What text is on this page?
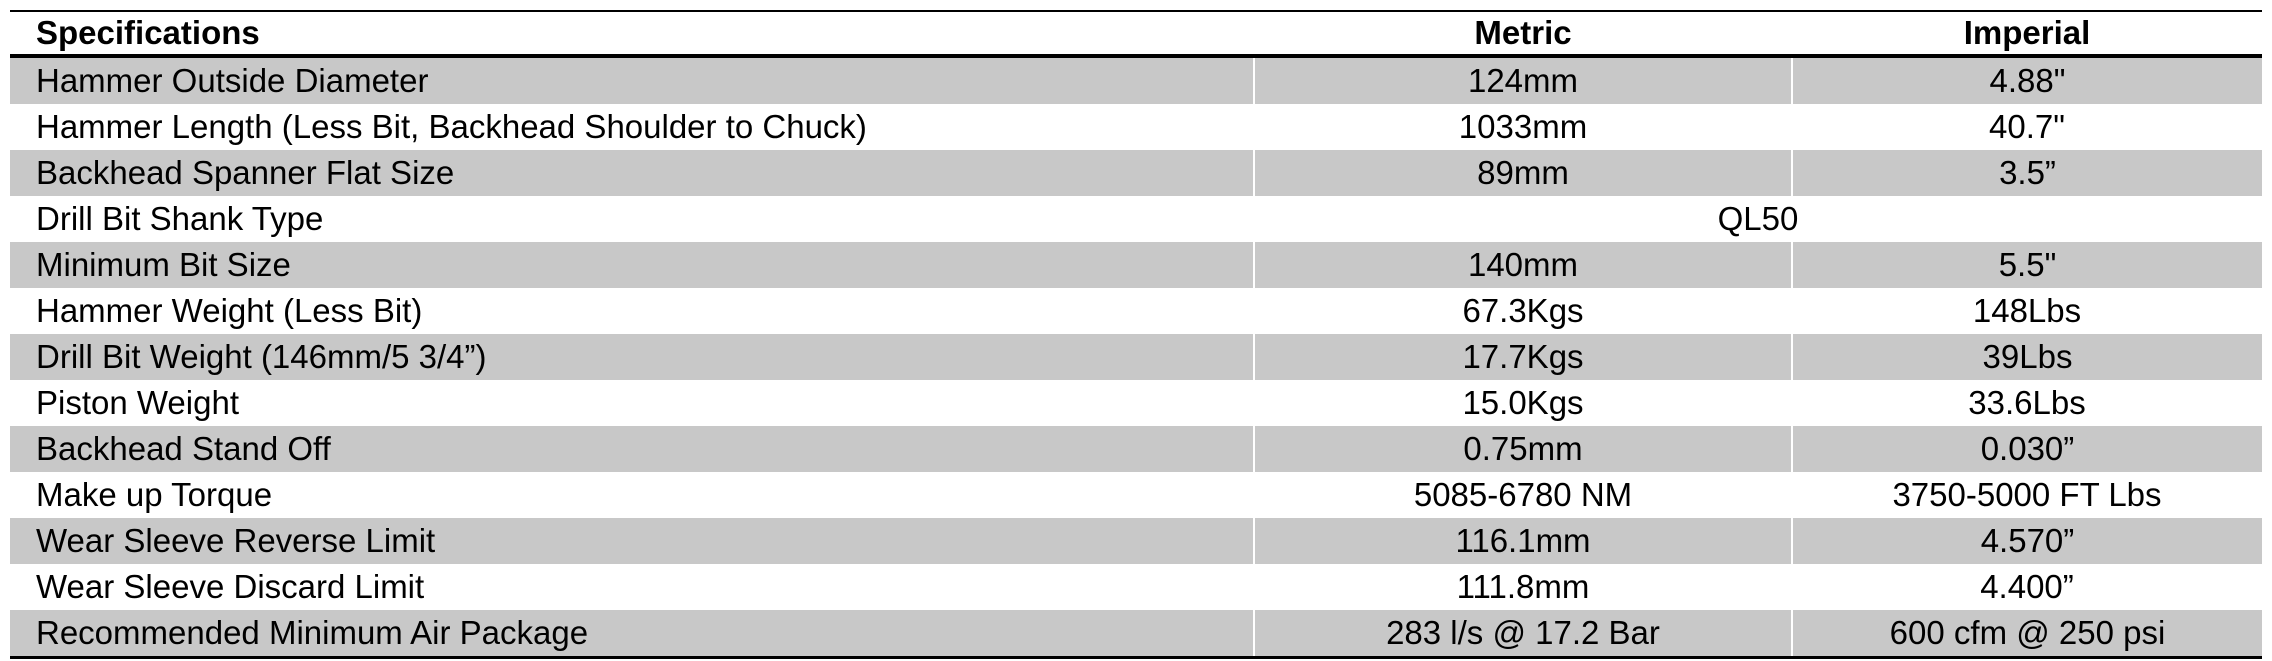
Specifications	Metric	Imperial
Hammer Outside Diameter	124mm	4.88"
Hammer Length (Less Bit, Backhead Shoulder to Chuck)	1033mm	40.7"
Backhead Spanner Flat Size	89mm	3.5”
Drill Bit Shank Type	QL50	
Minimum Bit Size	140mm	5.5"
Hammer Weight (Less Bit)	67.3Kgs	148Lbs
Drill Bit Weight (146mm/5 3/4”)	17.7Kgs	39Lbs
Piston Weight	15.0Kgs	33.6Lbs
Backhead Stand Off	0.75mm	0.030”
Make up Torque	5085-6780 NM	3750-5000 FT Lbs
Wear Sleeve Reverse Limit	116.1mm	4.570”
Wear Sleeve Discard Limit	111.8mm	4.400”
Recommended Minimum Air Package	283 l/s @ 17.2 Bar	600 cfm @ 250 psi
